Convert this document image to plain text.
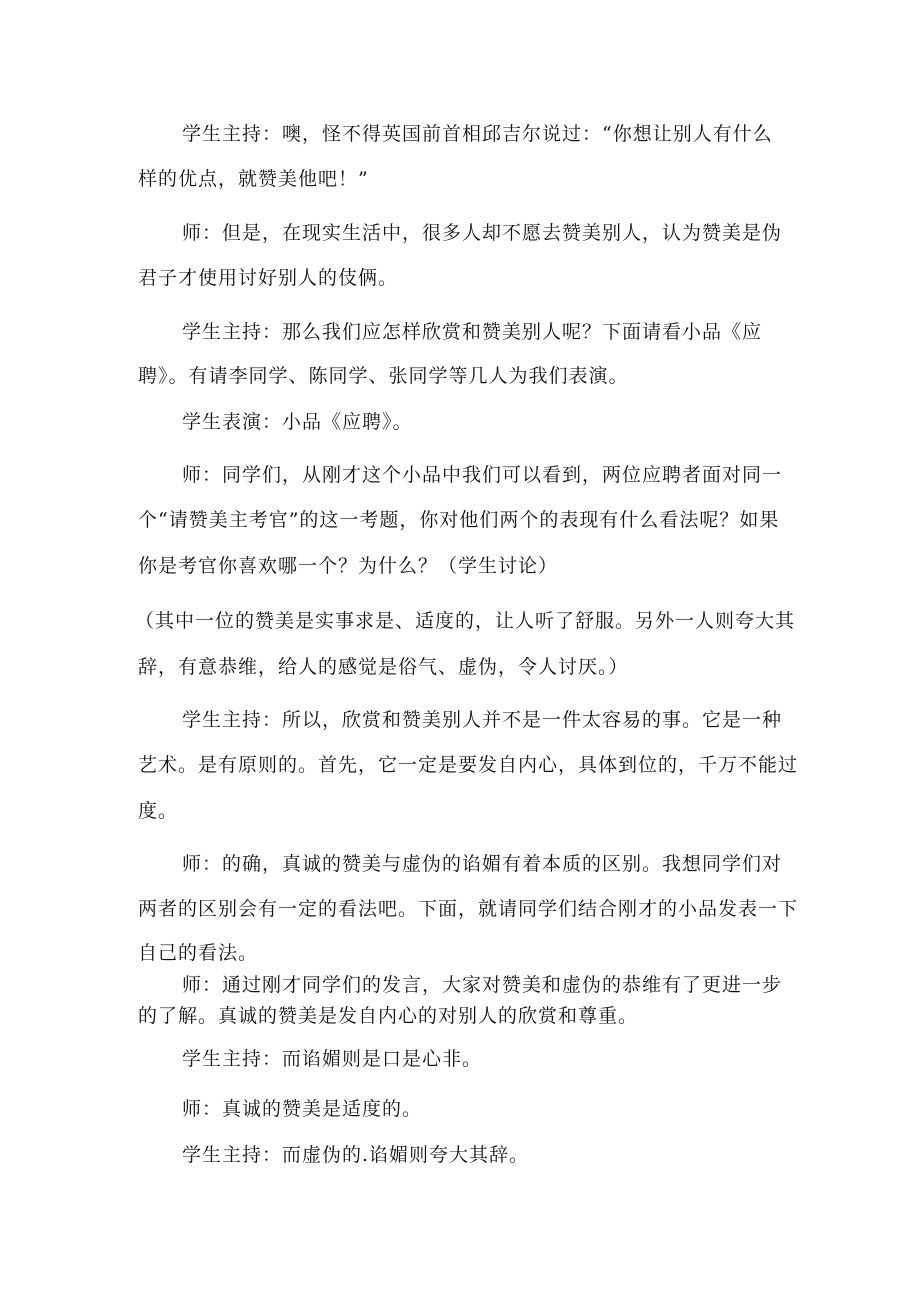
学生主持：噢，怪不得英国前首相邱吉尔说过：“你想让别人有什么
样的优点，就赞美他吧！”
师：但是，在现实生活中，很多人却不愿去赞美别人，认为赞美是伪
君子才使用讨好别人的伎俩。
学生主持：那么我们应怎样欣赏和赞美别人呢？下面请看小品《应
聘》。有请李同学、陈同学、张同学等几人为我们表演。
学生表演：小品《应聘》。
师：同学们，从刚才这个小品中我们可以看到，两位应聘者面对同一
个“请赞美主考官”的这一考题，你对他们两个的表现有什么看法呢？如果
你是考官你喜欢哪一个？为什么？（学生讨论）
（其中一位的赞美是实事求是、适度的，让人听了舒服。另外一人则夸大其
辞，有意恭维，给人的感觉是俗气、虚伪，令人讨厌。）
学生主持：所以，欣赏和赞美别人并不是一件太容易的事。它是一种
艺术。是有原则的。首先，它一定是要发自内心，具体到位的，千万不能过
度。
师：的确，真诚的赞美与虚伪的谄媚有着本质的区别。我想同学们对
两者的区别会有一定的看法吧。下面，就请同学们结合刚才的小品发表一下
自己的看法。
师：通过刚才同学们的发言，大家对赞美和虚伪的恭维有了更进一步
的了解。真诚的赞美是发自内心的对别人的欣赏和尊重。
学生主持：而谄媚则是口是心非。
师：真诚的赞美是适度的。
学生主持：而虚伪的.谄媚则夸大其辞。
